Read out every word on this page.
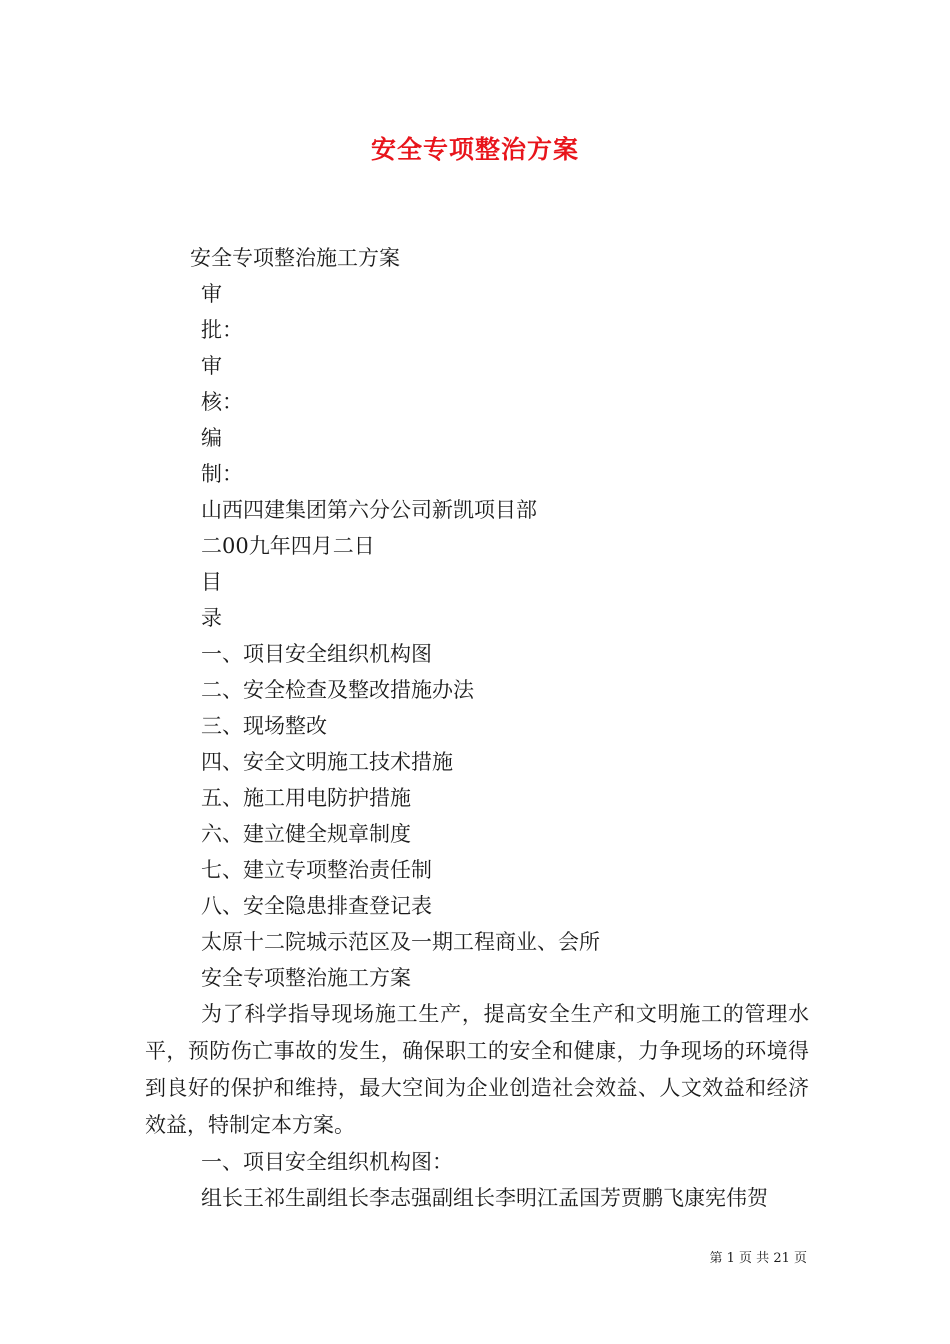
安全专项整治方案
安全专项整治施工方案
审
批：
审
核：
编
制：
山西四建集团第六分公司新凯项目部
二00九年四月二日
目
录
一、项目安全组织机构图
二、安全检查及整改措施办法
三、现场整改
四、安全文明施工技术措施
五、施工用电防护措施
六、建立健全规章制度
七、建立专项整治责任制
八、安全隐患排查登记表
太原十二院城示范区及一期工程商业、会所
安全专项整治施工方案
为了科学指导现场施工生产，提高安全生产和文明施工的管理水平，预防伤亡事故的发生，确保职工的安全和健康，力争现场的环境得到良好的保护和维持，最大空间为企业创造社会效益、人文效益和经济效益，特制定本方案。
一、项目安全组织机构图：
组长王祁生副组长李志强副组长李明江孟国芳贾鹏飞康宪伟贺
第 1 页 共 21 页
